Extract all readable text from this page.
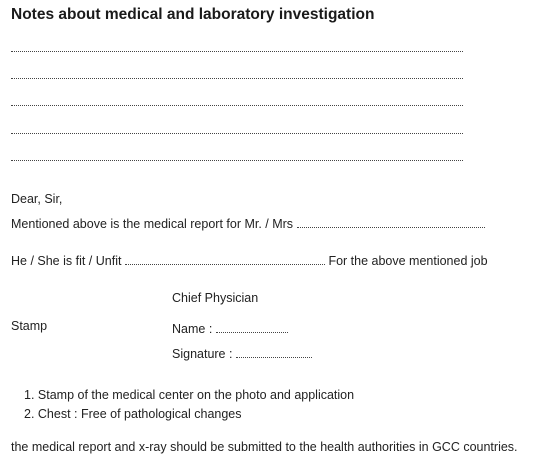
Notes about medical and laboratory investigation
Dear, Sir,
Mentioned above is the medical report for Mr. / Mrs
He / She is fit / Unfit	For the above mentioned job
Chief Physician
Stamp	Name :
Signature :
1. Stamp of the medical center on the photo and application
2. Chest : Free of pathological changes
the medical report and x-ray should be submitted to the health authorities in GCC countries.
